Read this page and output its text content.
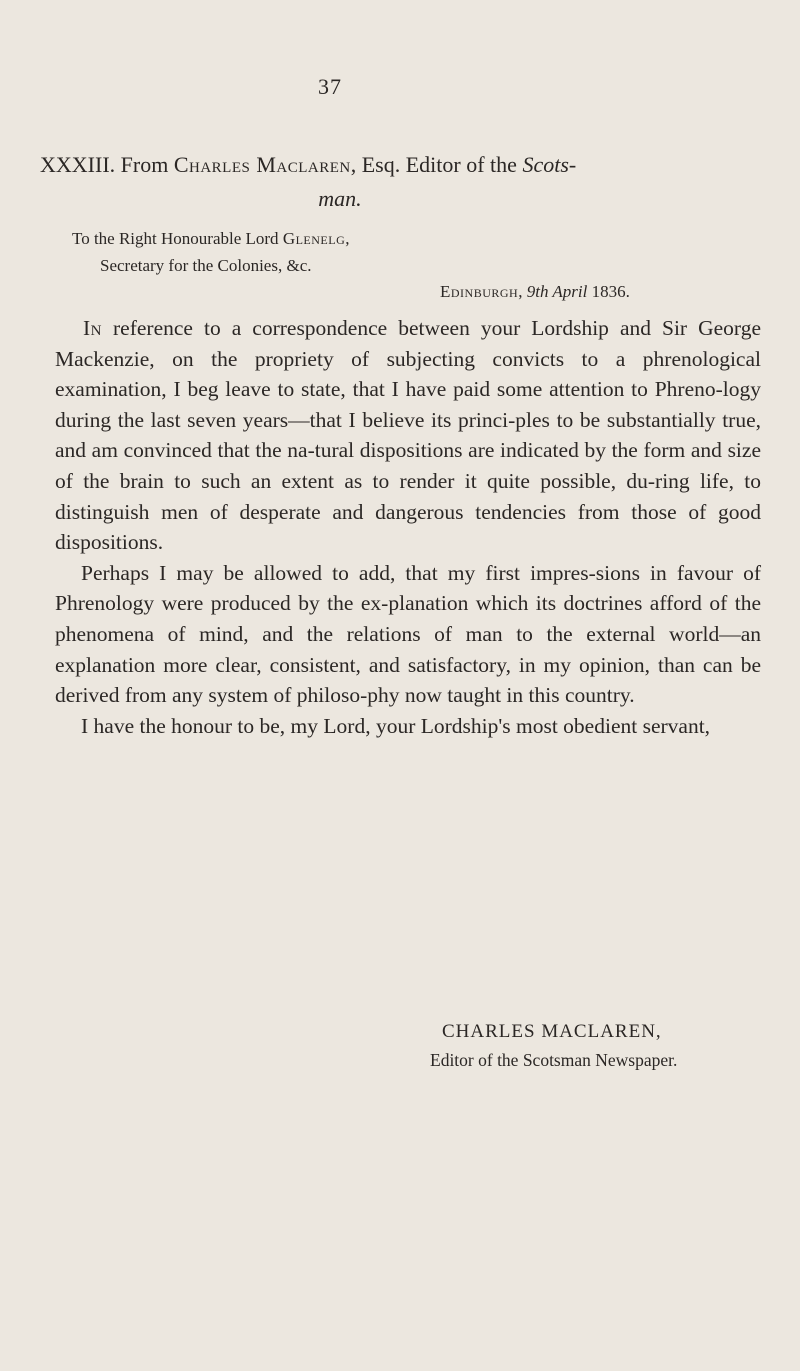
37
XXXIII. From Charles Maclaren, Esq. Editor of the Scots-
man.
To the Right Honourable Lord Glenelg,
Secretary for the Colonies, &c.
Edinburgh, 9th April 1836.

In reference to a correspondence between your Lordship and Sir George Mackenzie, on the propriety of subjecting convicts to a phrenological examination, I beg leave to state, that I have paid some attention to Phreno-logy during the last seven years—that I believe its princi-ples to be substantially true, and am convinced that the na-tural dispositions are indicated by the form and size of the brain to such an extent as to render it quite possible, du-ring life, to distinguish men of desperate and dangerous tendencies from those of good dispositions.

Perhaps I may be allowed to add, that my first impres-sions in favour of Phrenology were produced by the ex-planation which its doctrines afford of the phenomena of mind, and the relations of man to the external world—an explanation more clear, consistent, and satisfactory, in my opinion, than can be derived from any system of philoso-phy now taught in this country.

I have the honour to be, my Lord, your Lordship's most obedient servant,

CHARLES MACLAREN,
Editor of the Scotsman Newspaper.
